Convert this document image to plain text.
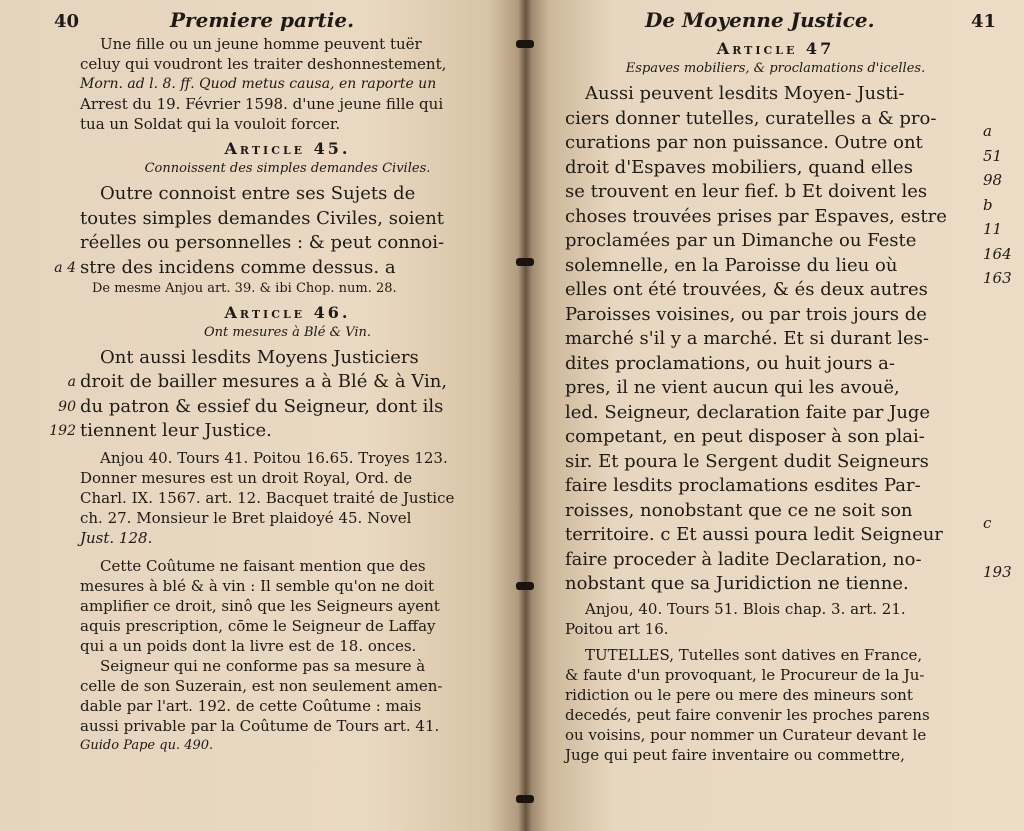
40	Premiere partie.
Une fille ou un jeune homme peuvent tuër
celuy qui voudront les traiter deshonnestement,
Morn. ad l. 8. ff. Quod metus causa, en raporte un
Arrest du 19. Février 1598. d'une jeune fille qui
tua un Soldat qui la vouloit forcer.
Article 45.
Connoissent des simples demandes Civiles.
Outre connoist entre ses Sujets de
toutes simples demandes Civiles, soient
réelles ou personnelles : & peut connoi-
a 4 stre des incidens comme dessus. a
De mesme Anjou art. 39. & ibi Chop. num. 28.
Article 46.
Ont mesures à Blé & Vin.
Ont aussi lesdits Moyens Justiciers
a droit de bailler mesures a à Blé & à Vin,
90 du patron & essief du Seigneur, dont ils
192 tiennent leur Justice.
Anjou 40. Tours 41. Poitou 16.65. Troyes 123.
Donner mesures est un droit Royal, Ord. de
Charl. IX. 1567. art. 12. Bacquet traité de Justice
ch. 27. Monsieur le Bret plaidoyé 45. Novel
Just. 128.
Cette Coûtume ne faisant mention que des
mesures à blé & à vin : Il semble qu'on ne doit
amplifier ce droit, sinô que les Seigneurs ayent
aquis prescription, cōme le Seigneur de Laffay
qui a un poids dont la livre est de 18. onces.
Seigneur qui ne conforme pas sa mesure à
celle de son Suzerain, est non seulement amen-
dable par l'art. 192. de cette Coûtume : mais
aussi privable par la Coûtume de Tours art. 41.
Guido Pape qu. 490.
De Moyenne Justice.	41
Article 47
Espaves mobiliers, & proclamations d'icelles.
Aussi peuvent lesdits Moyen- Justi-
ciers donner tutelles, curatelles a & pro-
curations par non puissance. Outre ont
droit d'Espaves mobiliers, quand elles
se trouvent en leur fief. b Et doivent les
choses trouvées prises par Espaves, estre
proclamées par un Dimanche ou Feste
solemnelle, en la Paroisse du lieu où
elles ont été trouvées, & és deux autres
Paroisses voisines, ou par trois jours de
marché s'il y a marché. Et si durant les-
dites proclamations, ou huit jours a-
pres, il ne vient aucun qui les avouë,
led. Seigneur, declaration faite par Juge
competant, en peut disposer à son plai-
sir. Et poura le Sergent dudit Seigneurs
faire lesdits proclamations esdites Par-
roisses, nonobstant que ce ne soit son
territoire. c Et aussi poura ledit Seigneur
faire proceder à ladite Declaration, no-
nobstant que sa Juridiction ne tienne.
a
51
98
b
11
164
163
c
193
Anjou, 40. Tours 51. Blois chap. 3. art. 21.
Poitou art 16.
TUTELLES, Tutelles sont datives en France,
& faute d'un provoquant, le Procureur de la Ju-
ridiction ou le pere ou mere des mineurs sont
decedés, peut faire convenir les proches parens
ou voisins, pour nommer un Curateur devant le
Juge qui peut faire inventaire ou commettre,
